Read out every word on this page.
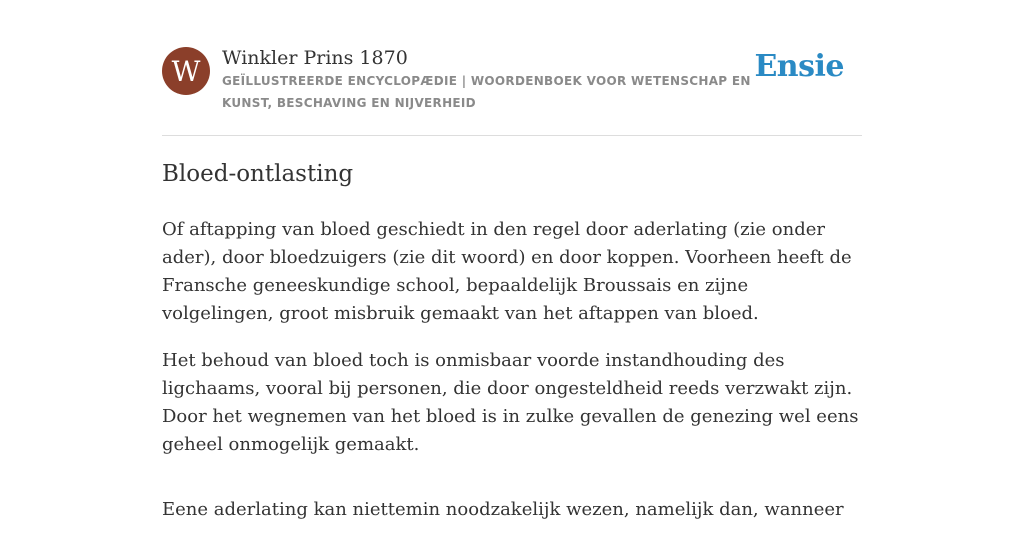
W	Winkler Prins 1870

GEÏLLUSTREERDE ENCYCLOPÆDIE | WOORDENBOEK VOOR WETENSCHAP EN KUNST, BESCHAVING EN NIJVERHEID

Ensie
Bloed-ontlasting

Of aftapping van bloed geschiedt in den regel door aderlating (zie onder ader), door bloedzuigers (zie dit woord) en door koppen. Voorheen heeft de Fransche geneeskundige school, bepaaldelijk Broussais en zijne volgelingen, groot misbruik gemaakt van het aftappen van bloed.

Het behoud van bloed toch is onmisbaar voorde instandhouding des ligchaams, vooral bij personen, die door ongesteldheid reeds verzwakt zijn. Door het wegnemen van het bloed is in zulke gevallen de genezing wel eens geheel onmogelijk gemaakt.

Eene aderlating kan niettemin noodzakelijk wezen, namelijk dan, wanneer
